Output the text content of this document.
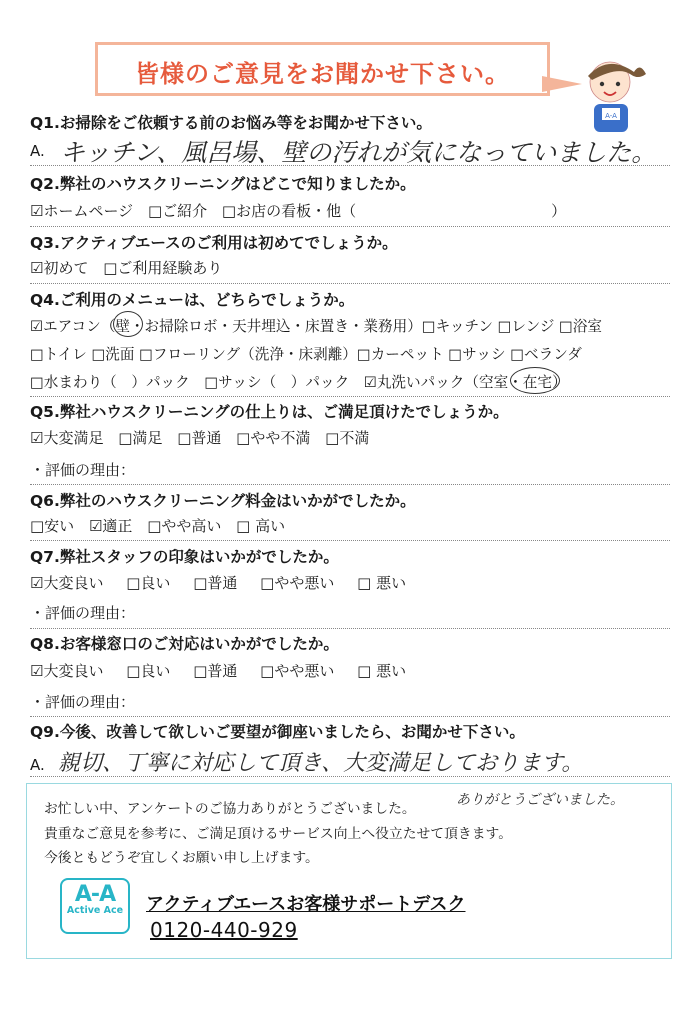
皆様のご意見をお聞かせ下さい。
A-A
Q1.お掃除をご依頼する前のお悩み等をお聞かせ下さい。
A. キッチン、風呂場、壁の汚れが気になっていました。
Q2.弊社のハウスクリーニングはどこで知りましたか。
☑ホームページ □ご紹介 □お店の看板・他（　　　　　　　　　　　　　）
Q3.アクティブエースのご利用は初めてでしょうか。
☑初めて □ご利用経験あり
Q4.ご利用のメニューは、どちらでしょうか。
☑エアコン（壁・お掃除ロボ・天井埋込・床置き・業務用）□キッチン □レンジ □浴室
□トイレ □洗面 □フローリング（洗浄・床剥離）□カーペット □サッシ □ベランダ
□水まわり（　）パック　□サッシ（　）パック　☑丸洗いパック（空室・在宅）
Q5.弊社ハウスクリーニングの仕上りは、ご満足頂けたでしょうか。
☑大変満足 □満足 □普通 □やや不満 □不満
・評価の理由：
Q6.弊社のハウスクリーニング料金はいかがでしたか。
□安い ☑適正 □やや高い □ 高い
Q7.弊社スタッフの印象はいかがでしたか。
☑大変良い □良い □普通 □やや悪い □ 悪い
・評価の理由：
Q8.お客様窓口のご対応はいかがでしたか。
☑大変良い □良い □普通 □やや悪い □ 悪い
・評価の理由：
Q9.今後、改善して欲しいご要望が御座いましたら、お聞かせ下さい。
A. 親切、丁寧に対応して頂き、大変満足しております。
お忙しい中、アンケートのご協力ありがとうございました。
ありがとうございました。
貴重なご意見を参考に、ご満足頂けるサービス向上へ役立たせて頂きます。
今後ともどうぞ宜しくお願い申し上げます。
A-A
Active Ace アクティブエースお客様サポートデスク
0120-440-929
